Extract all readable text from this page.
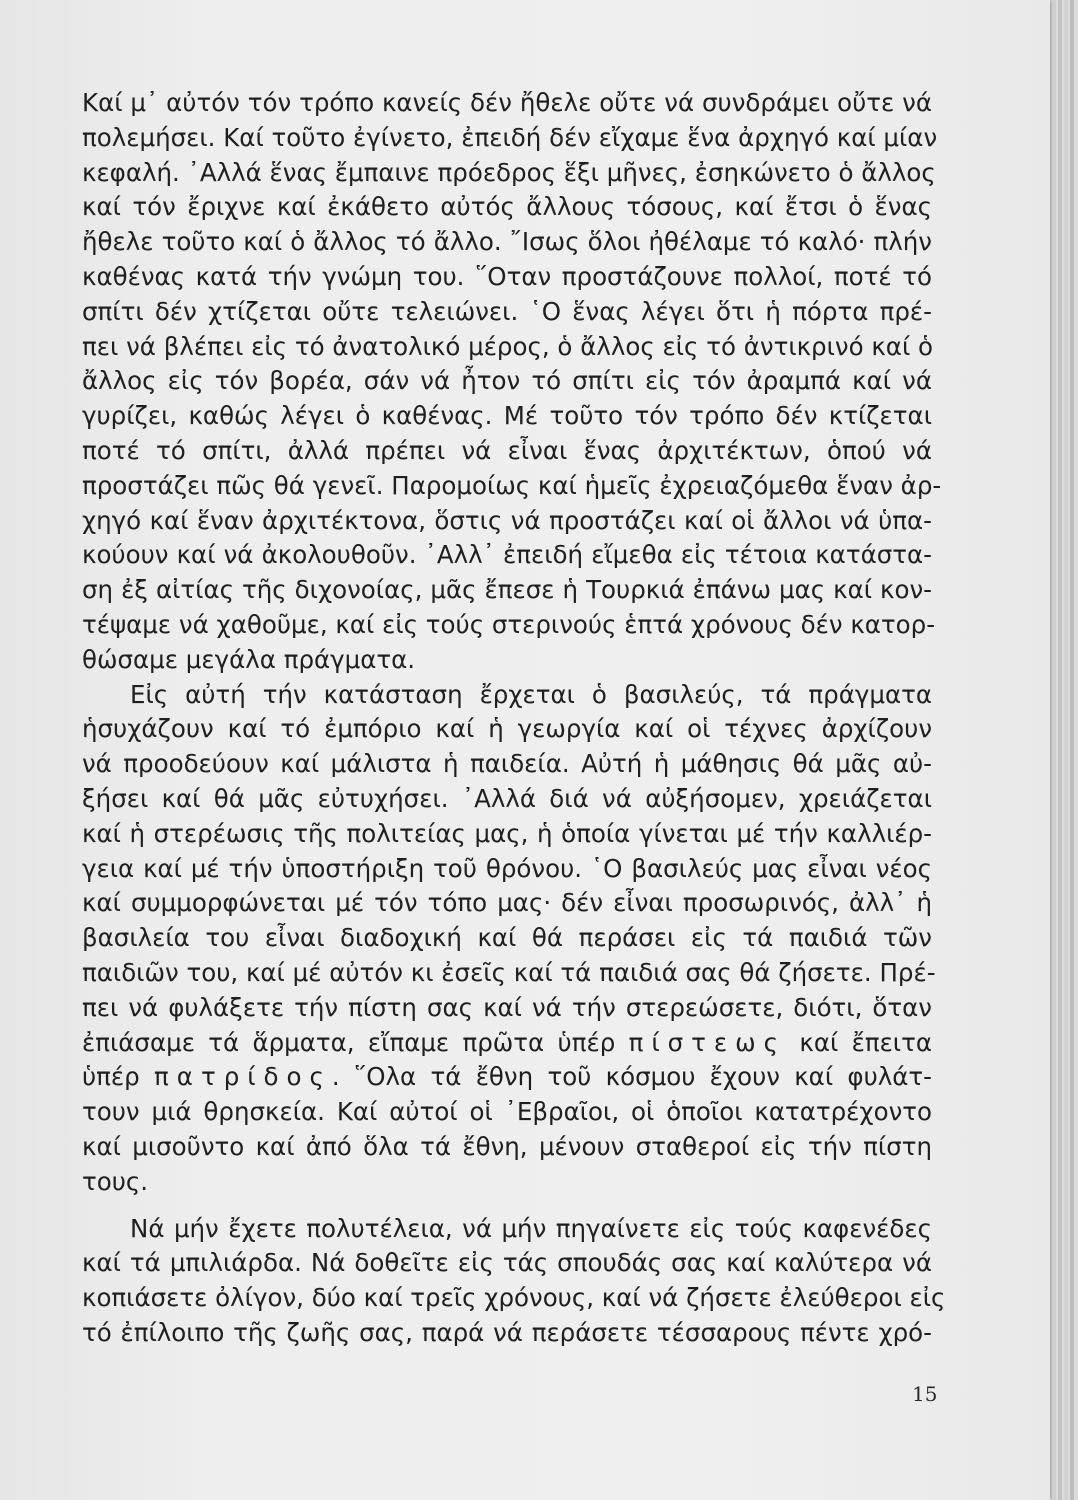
Καί μ᾽ αὐτόν τόν τρόπο κανείς δέν ἤθελε οὔτε νά συνδράμει οὔτε νά
πολεμήσει. Καί τοῦτο ἐγίνετο, ἐπειδή δέν εἴχαμε ἕνα ἀρχηγό καί μίαν
κεφαλή. ᾽Αλλά ἕνας ἔμπαινε πρόεδρος ἕξι μῆνες, ἐσηκώνετο ὁ ἄλλος
καί τόν ἔριχνε καί ἐκάθετο αὐτός ἄλλους τόσους, καί ἔτσι ὁ ἕνας
ἤθελε τοῦτο καί ὁ ἄλλος τό ἄλλο. ῎Ισως ὅλοι ἠθέλαμε τό καλό· πλήν
καθένας κατά τήν γνώμη του. ῞Οταν προστάζουνε πολλοί, ποτέ τό
σπίτι δέν χτίζεται οὔτε τελειώνει. ῾Ο ἕνας λέγει ὅτι ἡ πόρτα πρέ-
πει νά βλέπει εἰς τό ἀνατολικό μέρος, ὁ ἄλλος εἰς τό ἀντικρινό καί ὁ
ἄλλος εἰς τόν βορέα, σάν νά ἦτον τό σπίτι εἰς τόν ἀραμπά καί νά
γυρίζει, καθώς λέγει ὁ καθένας. Μέ τοῦτο τόν τρόπο δέν κτίζεται
ποτέ τό σπίτι, ἀλλά πρέπει νά εἶναι ἕνας ἀρχιτέκτων, ὁπού νά
προστάζει πῶς θά γενεῖ. Παρομοίως καί ἡμεῖς ἐχρειαζόμεθα ἕναν ἀρ-
χηγό καί ἕναν ἀρχιτέκτονα, ὅστις νά προστάζει καί οἱ ἄλλοι νά ὑπα-
κούουν καί νά ἀκολουθοῦν. ᾽Αλλ᾽ ἐπειδή εἴμεθα εἰς τέτοια κατάστα-
ση ἐξ αἰτίας τῆς διχονοίας, μᾶς ἔπεσε ἡ Τουρκιά ἐπάνω μας καί κον-
τέψαμε νά χαθοῦμε, καί εἰς τούς στερινούς ἑπτά χρόνους δέν κατορ-
θώσαμε μεγάλα πράγματα.
Εἰς αὐτή τήν κατάσταση ἔρχεται ὁ βασιλεύς, τά πράγματα
ἡσυχάζουν καί τό ἐμπόριο καί ἡ γεωργία καί οἱ τέχνες ἀρχίζουν
νά προοδεύουν καί μάλιστα ἡ παιδεία. Αὐτή ἡ μάθησις θά μᾶς αὐ-
ξήσει καί θά μᾶς εὐτυχήσει. ᾽Αλλά διά νά αὐξήσομεν, χρειάζεται
καί ἡ στερέωσις τῆς πολιτείας μας, ἡ ὁποία γίνεται μέ τήν καλλιέρ-
γεια καί μέ τήν ὑποστήριξη τοῦ θρόνου. ῾Ο βασιλεύς μας εἶναι νέος
καί συμμορφώνεται μέ τόν τόπο μας· δέν εἶναι προσωρινός, ἀλλ᾽ ἡ
βασιλεία του εἶναι διαδοχική καί θά περάσει εἰς τά παιδιά τῶν
παιδιῶν του, καί μέ αὐτόν κι ἐσεῖς καί τά παιδιά σας θά ζήσετε. Πρέ-
πει νά φυλάξετε τήν πίστη σας καί νά τήν στερεώσετε, διότι, ὅταν
ἐπιάσαμε τά ἅρματα, εἴπαμε πρῶτα ὑπέρ πίστεως καί ἔπειτα
ὑπέρ πατρίδος. ῞Ολα τά ἔθνη τοῦ κόσμου ἔχουν καί φυλάτ-
τουν μιά θρησκεία. Καί αὐτοί οἱ ᾽Εβραῖοι, οἱ ὁποῖοι κατατρέχοντο
καί μισοῦντο καί ἀπό ὅλα τά ἔθνη, μένουν σταθεροί εἰς τήν πίστη
τους.
Νά μήν ἔχετε πολυτέλεια, νά μήν πηγαίνετε εἰς τούς καφενέδες
καί τά μπιλιάρδα. Νά δοθεῖτε εἰς τάς σπουδάς σας καί καλύτερα νά
κοπιάσετε ὀλίγον, δύο καί τρεῖς χρόνους, καί νά ζήσετε ἐλεύθεροι εἰς
τό ἐπίλοιπο τῆς ζωῆς σας, παρά νά περάσετε τέσσαρους πέντε χρό-
15
